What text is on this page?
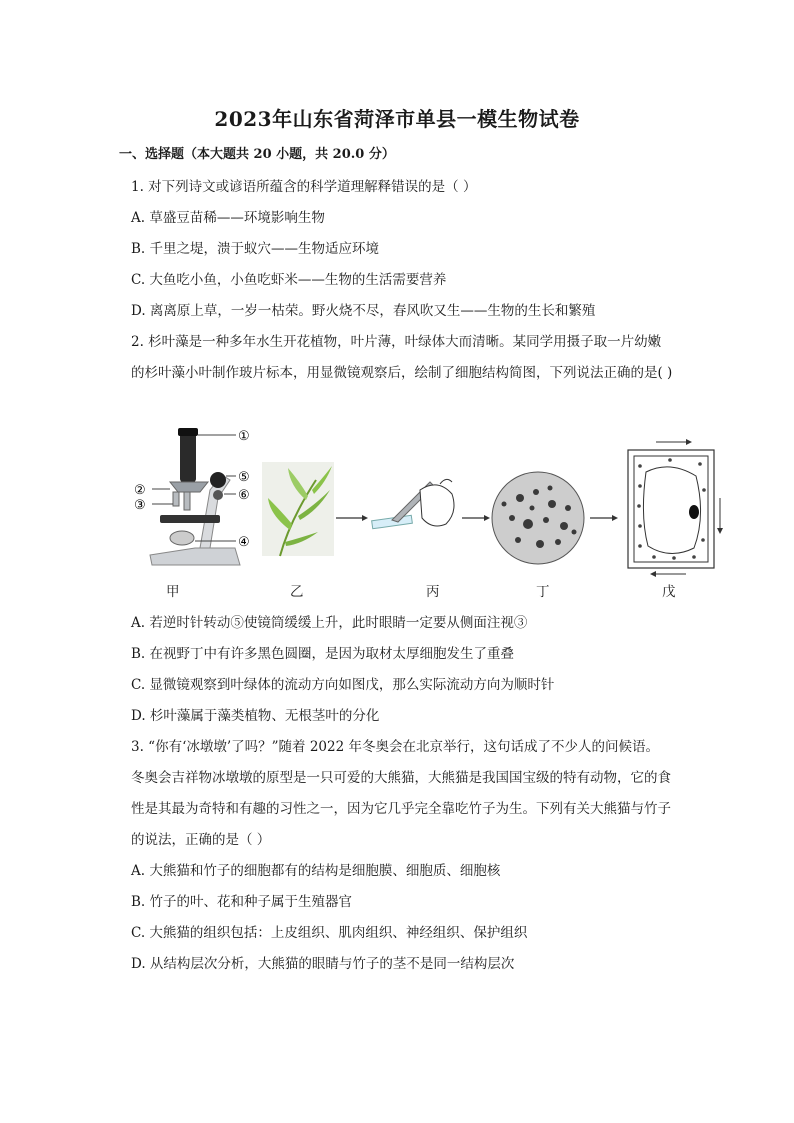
2023年山东省菏泽市单县一模生物试卷
一、选择题（本大题共 20 小题，共 20.0 分）
1. 对下列诗文或谚语所蕴含的科学道理解释错误的是（ ）
A. 草盛豆苗稀——环境影响生物
B. 千里之堤，溃于蚁穴——生物适应环境
C. 大鱼吃小鱼，小鱼吃虾米——生物的生活需要营养
D. 离离原上草，一岁一枯荣。野火烧不尽，春风吹又生——生物的生长和繁殖
2. 杉叶藻是一种多年水生开花植物，叶片薄，叶绿体大而清晰。某同学用摄子取一片幼嫩
的杉叶藻小叶制作玻片标本，用显微镜观察后，绘制了细胞结构简图，下列说法正确的是( )
①
②
③
④
⑤
⑥
甲	乙	丙	丁	戊
A. 若逆时针转动⑤使镜筒缓缓上升，此时眼睛一定要从侧面注视③
B. 在视野丁中有许多黑色圆圈，是因为取材太厚细胞发生了重叠
C. 显微镜观察到叶绿体的流动方向如图戊，那么实际流动方向为顺时针
D. 杉叶藻属于藻类植物、无根茎叶的分化
3. “你有‘冰墩墩’了吗？”随着 2022 年冬奥会在北京举行，这句话成了不少人的问候语。
冬奥会吉祥物冰墩墩的原型是一只可爱的大熊猫，大熊猫是我国国宝级的特有动物，它的食
性是其最为奇特和有趣的习性之一，因为它几乎完全靠吃竹子为生。下列有关大熊猫与竹子
的说法，正确的是（ ）
A. 大熊猫和竹子的细胞都有的结构是细胞膜、细胞质、细胞核
B. 竹子的叶、花和种子属于生殖器官
C. 大熊猫的组织包括：上皮组织、肌肉组织、神经组织、保护组织
D. 从结构层次分析，大熊猫的眼睛与竹子的茎不是同一结构层次
